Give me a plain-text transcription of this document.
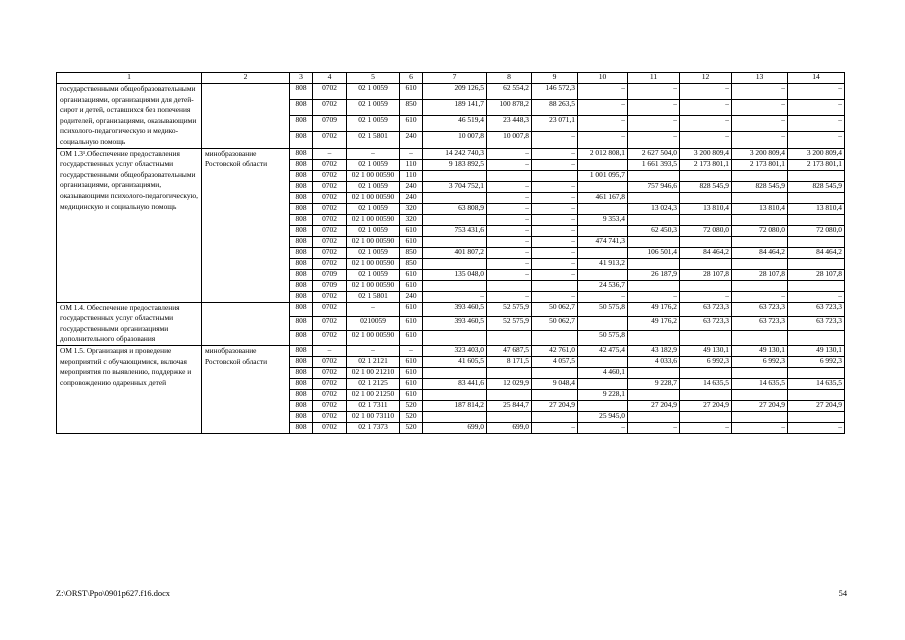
1	2	3	4	5	6	7	8	9	10	11	12	13	14
государственными общеобразовательными организациями, организациями для детей-сирот и детей, оставшихся без попечения родителей, организациями, оказывающими психолого-педагогическую и медико-социальную помощь		808	0702	02 1 0059	610	209 126,5	62 554,2	146 572,3	–	–	–	–	–
		808	0702	02 1 0059	850	189 141,7	100 878,2	88 263,5	–	–	–	–	–
		808	0709	02 1 0059	610	46 519,4	23 448,3	23 071,1	–	–	–	–	–
		808	0702	02 1 5801	240	10 007,8	10 007,8	–	–	–	–	–	–
ОМ 1.3¹.Обеспечение предоставления государственных услуг областными государственными общеобразовательными организациями, организациями, оказывающими психолого-педагогическую, медицинскую и социальную помощь	минобразование Ростовской области	808	–	–	–	14 242 740,3	–	–	2 012 808,1	2 627 504,0	3 200 809,4	3 200 809,4	3 200 809,4
		808	0702	02 1 0059	110	9 183 892,5	–	–		1 661 393,5	2 173 801,1	2 173 801,1	2 173 801,1
		808	0702	02 1 00 00590	110				1 001 095,7				
		808	0702	02 1 0059	240	3 704 752,1	–	–		757 946,6	828 545,9	828 545,9	828 545,9
		808	0702	02 1 00 00590	240		–	–	461 167,8				
		808	0702	02 1 0059	320	63 808,9	–	–		13 024,3	13 810,4	13 810,4	13 810,4
		808	0702	02 1 00 00590	320		–	–	9 353,4				
		808	0702	02 1 0059	610	753 431,6	–	–		62 450,3	72 080,0	72 080,0	72 080,0
		808	0702	02 1 00 00590	610		–	–	474 741,3				
		808	0702	02 1 0059	850	401 807,2	–	–		106 501,4	84 464,2	84 464,2	84 464,2
		808	0702	02 1 00 00590	850		–	–	41 913,2				
		808	0709	02 1 0059	610	135 048,0	–	–		26 187,9	28 107,8	28 107,8	28 107,8
		808	0709	02 1 00 00590	610				24 536,7				
		808	0702	02 1 5801	240	–	–	–	–	–	–	–	–
ОМ 1.4. Обеспечение предоставления государственных услуг областными государственными организациями дополнительного образования		808	0702	–	610	393 460,5	52 575,9	50 062,7	50 575,8	49 176,2	63 723,3	63 723,3	63 723,3
		808	0702	0210059	610	393 460,5	52 575,9	50 062,7		49 176,2	63 723,3	63 723,3	63 723,3
		808	0702	02 1 00 00590	610				50 575,8				
ОМ 1.5. Организация и проведение мероприятий с обучающимися, включая мероприятия по выявлению, поддержке и сопровождению одаренных детей	минобразование Ростовской области	808	–	–	–	323 403,0	47 687,5	42 761,0	42 475,4	43 182,9	49 130,1	49 130,1	49 130,1
		808	0702	02 1 2121	610	41 605,5	8 171,5	4 057,5		4 033,6	6 992,3	6 992,3	6 992,3
		808	0702	02 1 00 21210	610				4 460,1				
		808	0702	02 1 2125	610	83 441,6	12 029,9	9 048,4		9 228,7	14 635,5	14 635,5	14 635,5
		808	0702	02 1 00 21250	610				9 228,1				
		808	0702	02 1 7311	520	187 814,2	25 844,7	27 204,9		27 204,9	27 204,9	27 204,9	27 204,9
		808	0702	02 1 00 73110	520				25 945,0				
		808	0702	02 1 7373	520	699,0	699,0	–	–	–	–	–	–
Z:\ORST\Ppo\0901p627.f16.docx	54
